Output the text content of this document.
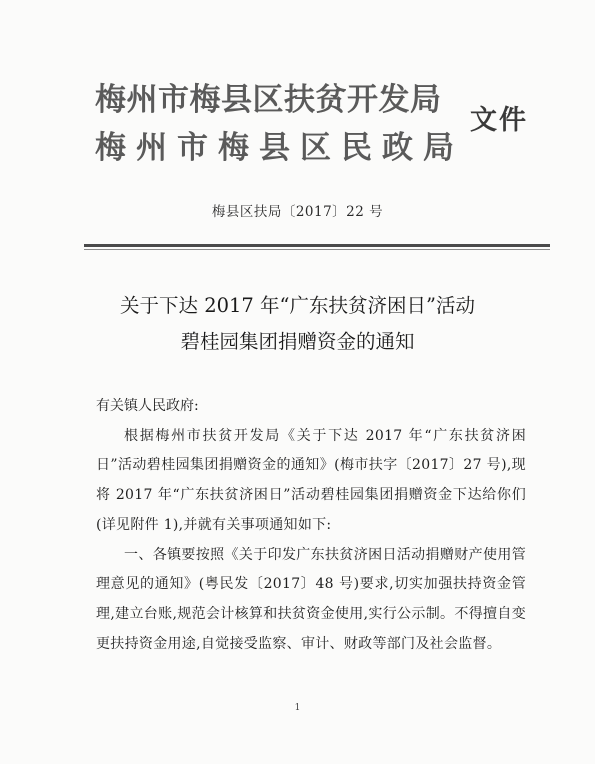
梅州市梅县区扶贫开发局
梅州市梅县区民政局
文件
梅县区扶局〔2017〕22 号
关于下达 2017 年“广东扶贫济困日”活动
碧桂园集团捐赠资金的通知
有关镇人民政府:
根据梅州市扶贫开发局《关于下达 2017 年“广东扶贫济困日”活动碧桂园集团捐赠资金的通知》(梅市扶字〔2017〕27 号),现将 2017 年“广东扶贫济困日”活动碧桂园集团捐赠资金下达给你们(详见附件 1),并就有关事项通知如下:
一、各镇要按照《关于印发广东扶贫济困日活动捐赠财产使用管理意见的通知》(粤民发〔2017〕48 号)要求,切实加强扶持资金管理,建立台账,规范会计核算和扶贫资金使用,实行公示制。不得擅自变更扶持资金用途,自觉接受监察、审计、财政等部门及社会监督。
1
